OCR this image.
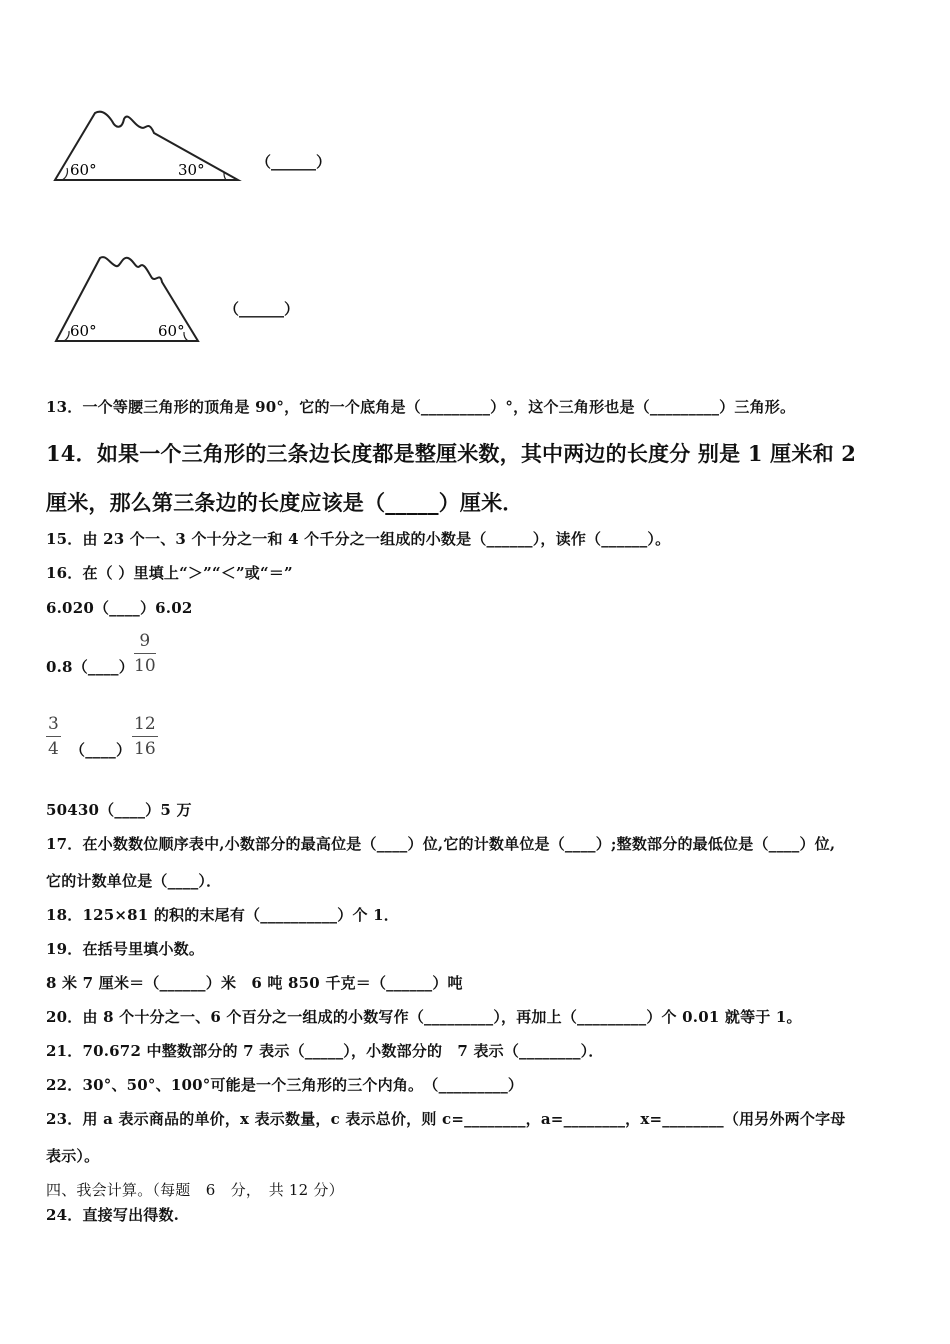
60°	30°	（______）
60°	60°
（______）
13．一个等腰三角形的顶角是 90°，它的一个底角是（_________）°，这个三角形也是（_________）三角形。
14．如果一个三角形的三条边长度都是整厘米数，其中两边的长度分 别是 1 厘米和 2
厘米，那么第三条边的长度应该是（_____）厘米．
15．由 23 个一、3 个十分之一和 4 个千分之一组成的小数是（______），读作（______）。
16．在（ ）里填上“＞”“＜”或“＝”
6.020（____）6.02
0.8（____） $\frac{9}{10}$
$\frac{3}{4}$ （____） $\frac{12}{16}$
50430（____）5 万
17．在小数数位顺序表中,小数部分的最高位是（____）位,它的计数单位是（____）;整数部分的最低位是（____）位,
它的计数单位是（____）．
18．125×81 的积的末尾有（__________）个 1．
19．在括号里填小数。
8 米 7 厘米＝（______）米　6 吨 850 千克＝（______）吨
20．由 8 个十分之一、6 个百分之一组成的小数写作（_________），再加上（_________）个 0.01 就等于 1。
21．70.672 中整数部分的 7 表示（_____），小数部分的　7 表示（________）．
22．30°、50°、100°可能是一个三角形的三个内角。　（_________）
23．用 a 表示商品的单价，x 表示数量，c 表示总价，则 c=________，a=________，x=________（用另外两个字母
表示）。
四、我会计算。（每题　6　分，　共 12 分）
24．直接写出得数.
